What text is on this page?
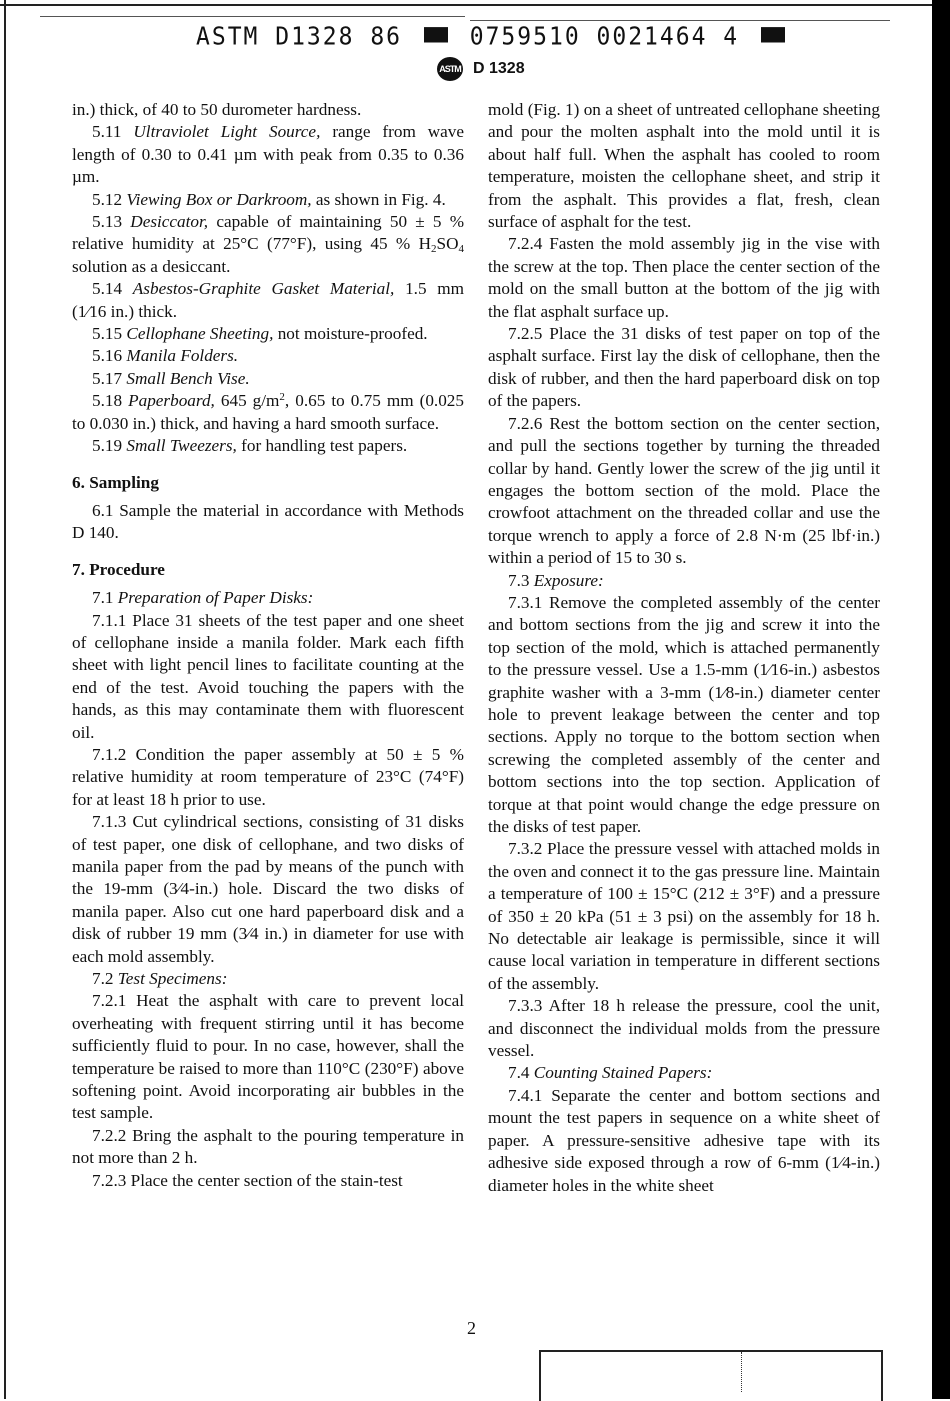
ASTM D1328 86	0759510 0021464 4
ASTM D 1328

in.) thick, of 40 to 50 durometer hardness.

5.11 Ultraviolet Light Source, range from wave length of 0.30 to 0.41 µm with peak from 0.35 to 0.36 µm.

5.12 Viewing Box or Darkroom, as shown in Fig. 4.

5.13 Desiccator, capable of maintaining 50 ± 5 % relative humidity at 25°C (77°F), using 45 % $H_2SO_4$ solution as a desiccant.

5.14 Asbestos-Graphite Gasket Material, 1.5 mm (1⁄16 in.) thick.

5.15 Cellophane Sheeting, not moisture-proofed.

5.16 Manila Folders.

5.17 Small Bench Vise.

5.18 Paperboard, 645 $g/m^2$, 0.65 to 0.75 mm (0.025 to 0.030 in.) thick, and having a hard smooth surface.

5.19 Small Tweezers, for handling test papers.

6. Sampling

6.1 Sample the material in accordance with Methods D 140.

7. Procedure

7.1 Preparation of Paper Disks:

7.1.1 Place 31 sheets of the test paper and one sheet of cellophane inside a manila folder. Mark each fifth sheet with light pencil lines to facilitate counting at the end of the test. Avoid touching the papers with the hands, as this may contaminate them with fluorescent oil.

7.1.2 Condition the paper assembly at 50 ± 5 % relative humidity at room temperature of 23°C (74°F) for at least 18 h prior to use.

7.1.3 Cut cylindrical sections, consisting of 31 disks of test paper, one disk of cellophane, and two disks of manila paper from the pad by means of the punch with the 19-mm (3⁄4-in.) hole. Discard the two disks of manila paper. Also cut one hard paperboard disk and a disk of rubber 19 mm (3⁄4 in.) in diameter for use with each mold assembly.

7.2 Test Specimens:

7.2.1 Heat the asphalt with care to prevent local overheating with frequent stirring until it has become sufficiently fluid to pour. In no case, however, shall the temperature be raised to more than 110°C (230°F) above softening point. Avoid incorporating air bubbles in the test sample.

7.2.2 Bring the asphalt to the pouring temperature in not more than 2 h.

7.2.3 Place the center section of the stain-test

mold (Fig. 1) on a sheet of untreated cellophane sheeting and pour the molten asphalt into the mold until it is about half full. When the asphalt has cooled to room temperature, moisten the cellophane sheet, and strip it from the asphalt. This provides a flat, fresh, clean surface of asphalt for the test.

7.2.4 Fasten the mold assembly jig in the vise with the screw at the top. Then place the center section of the mold on the small button at the bottom of the jig with the flat asphalt surface up.

7.2.5 Place the 31 disks of test paper on top of the asphalt surface. First lay the disk of cellophane, then the disk of rubber, and then the hard paperboard disk on top of the papers.

7.2.6 Rest the bottom section on the center section, and pull the sections together by turning the threaded collar by hand. Gently lower the screw of the jig until it engages the bottom section of the mold. Place the crowfoot attachment on the threaded collar and use the torque wrench to apply a force of 2.8 N·m (25 lbf·in.) within a period of 15 to 30 s.

7.3 Exposure:

7.3.1 Remove the completed assembly of the center and bottom sections from the jig and screw it into the top section of the mold, which is attached permanently to the pressure vessel. Use a 1.5-mm (1⁄16-in.) asbestos graphite washer with a 3-mm (1⁄8-in.) diameter center hole to prevent leakage between the center and top sections. Apply no torque to the bottom section when screwing the completed assembly of the center and bottom sections into the top section. Application of torque at that point would change the edge pressure on the disks of test paper.

7.3.2 Place the pressure vessel with attached molds in the oven and connect it to the gas pressure line. Maintain a temperature of 100 ± 15°C (212 ± 3°F) and a pressure of 350 ± 20 kPa (51 ± 3 psi) on the assembly for 18 h. No detectable air leakage is permissible, since it will cause local variation in temperature in different sections of the assembly.

7.3.3 After 18 h release the pressure, cool the unit, and disconnect the individual molds from the pressure vessel.

7.4 Counting Stained Papers:

7.4.1 Separate the center and bottom sections and mount the test papers in sequence on a white sheet of paper. A pressure-sensitive adhesive tape with its adhesive side exposed through a row of 6-mm (1⁄4-in.) diameter holes in the white sheet

2
